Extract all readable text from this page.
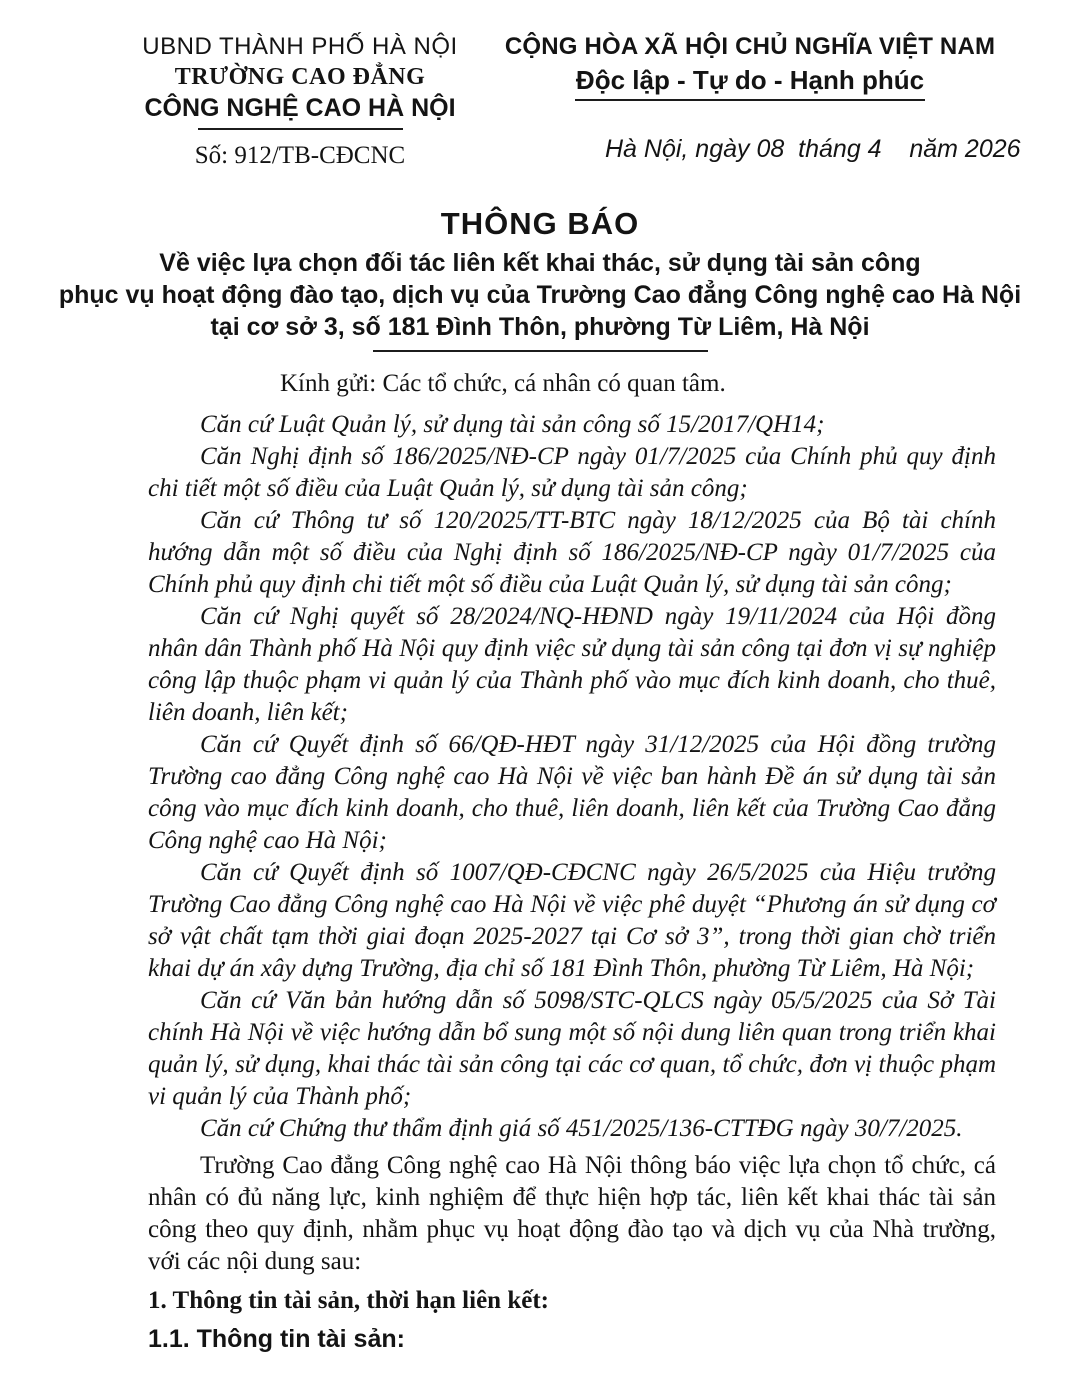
UBND THÀNH PHỐ HÀ NỘI
TRƯỜNG CAO ĐẲNG
CÔNG NGHỆ CAO HÀ NỘI
Số: 912/TB-CĐCNC
CỘNG HÒA XÃ HỘI CHỦ NGHĨA VIỆT NAM
Độc lập - Tự do - Hạnh phúc
Hà Nội, ngày 08  tháng 4    năm 2026
THÔNG BÁO
Về việc lựa chọn đối tác liên kết khai thác, sử dụng tài sản công
phục vụ hoạt động đào tạo, dịch vụ của Trường Cao đẳng Công nghệ cao Hà Nội
tại cơ sở 3, số 181 Đình Thôn, phường Từ Liêm, Hà Nội
Kính gửi: Các tổ chức, cá nhân có quan tâm.

Căn cứ Luật Quản lý, sử dụng tài sản công số 15/2017/QH14;

Căn Nghị định số 186/2025/NĐ-CP ngày 01/7/2025 của Chính phủ quy định chi tiết một số điều của Luật Quản lý, sử dụng tài sản công;

Căn cứ Thông tư số 120/2025/TT-BTC ngày 18/12/2025 của Bộ tài chính hướng dẫn một số điều của Nghị định số 186/2025/NĐ-CP ngày 01/7/2025 của Chính phủ quy định chi tiết một số điều của Luật Quản lý, sử dụng tài sản công;

Căn cứ Nghị quyết số 28/2024/NQ-HĐND ngày 19/11/2024 của Hội đồng nhân dân Thành phố Hà Nội quy định việc sử dụng tài sản công tại đơn vị sự nghiệp công lập thuộc phạm vi quản lý của Thành phố vào mục đích kinh doanh, cho thuê, liên doanh, liên kết;

Căn cứ Quyết định số 66/QĐ-HĐT ngày 31/12/2025 của Hội đồng trường Trường cao đẳng Công nghệ cao Hà Nội về việc ban hành Đề án sử dụng tài sản công vào mục đích kinh doanh, cho thuê, liên doanh, liên kết của Trường Cao đẳng Công nghệ cao Hà Nội;

Căn cứ Quyết định số 1007/QĐ-CĐCNC ngày 26/5/2025 của Hiệu trưởng Trường Cao đẳng Công nghệ cao Hà Nội về việc phê duyệt “Phương án sử dụng cơ sở vật chất tạm thời giai đoạn 2025-2027 tại Cơ sở 3”, trong thời gian chờ triển khai dự án xây dựng Trường, địa chỉ số 181 Đình Thôn, phường Từ Liêm, Hà Nội;

Căn cứ Văn bản hướng dẫn số 5098/STC-QLCS ngày 05/5/2025 của Sở Tài chính Hà Nội về việc hướng dẫn bổ sung một số nội dung liên quan trong triển khai quản lý, sử dụng, khai thác tài sản công tại các cơ quan, tổ chức, đơn vị thuộc phạm vi quản lý của Thành phố;

Căn cứ Chứng thư thẩm định giá số 451/2025/136-CTTĐG ngày 30/7/2025.

Trường Cao đẳng Công nghệ cao Hà Nội thông báo việc lựa chọn tổ chức, cá nhân có đủ năng lực, kinh nghiệm để thực hiện hợp tác, liên kết khai thác tài sản công theo quy định, nhằm phục vụ hoạt động đào tạo và dịch vụ của Nhà trường, với các nội dung sau:

1. Thông tin tài sản, thời hạn liên kết:

1.1. Thông tin tài sản:
